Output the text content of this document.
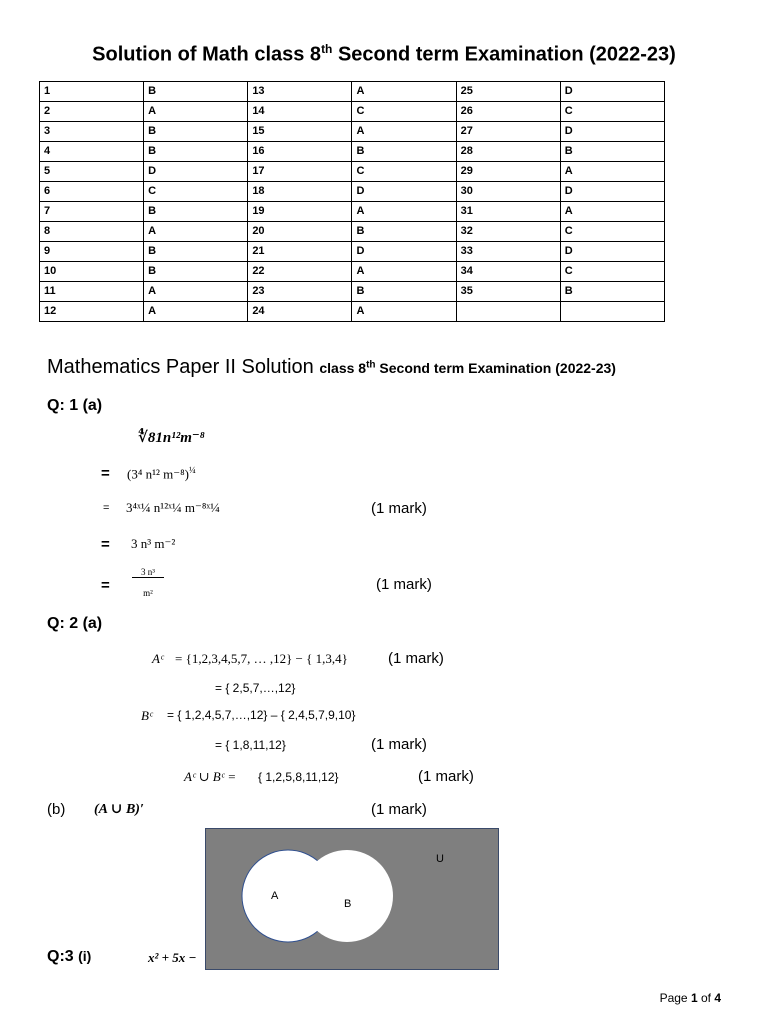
Solution of Math class 8th Second term Examination (2022-23)
1	B	13	A	25	D
2	A	14	C	26	C
3	B	15	A	27	D
4	B	16	B	28	B
5	D	17	C	29	A
6	C	18	D	30	D
7	B	19	A	31	A
8	A	20	B	32	C
9	B	21	D	33	D
10	B	22	A	34	C
11	A	23	B	35	B
12	A	24	A		
Mathematics Paper II Solution class 8th Second term Examination (2022-23)
Q: 1 (a)
∜81n¹²m⁻⁸
= (3⁴ n¹² m⁻⁸)$^{\frac{1}{4}}$
= 3⁴ˣ¼ n¹²ˣ¼ m⁻⁸ˣ¼	(1 mark)
= 3 n³ m⁻²
= $\frac{\text{3 n³}}{\text{m²}}$	(1 mark)
Q: 2 (a)
Aᶜ = {1,2,3,4,5,7, … ,12} − { 1,3,4}	(1 mark)
= { 2,5,7,…,12}
Bᶜ = { 1,2,4,5,7,…,12} – { 2,4,5,7,9,10}
= { 1,8,11,12}	(1 mark)
Aᶜ ∪ Bᶜ = { 1,2,5,8,11,12}	(1 mark)
(b) (A ∪ B)′	(1 mark)
A
B
U
Q:3 (i)	x² + 5x −
Page 1 of 4
